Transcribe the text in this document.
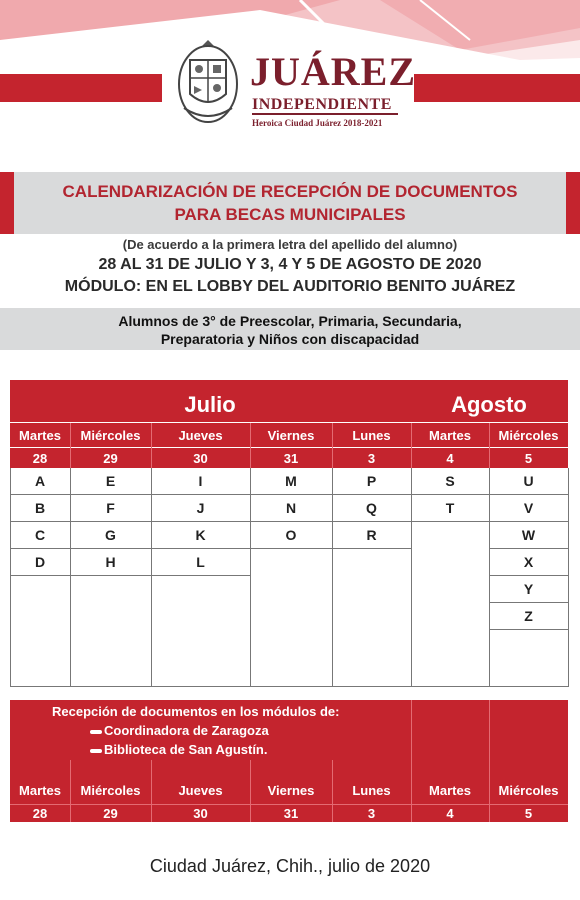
JUÁREZ
INDEPENDIENTE
Heroica Ciudad Juárez 2018-2021
CALENDARIZACIÓN DE RECEPCIÓN DE DOCUMENTOS
PARA BECAS MUNICIPALES
(De acuerdo a la primera letra del apellido del alumno)
28 AL 31 DE JULIO Y 3, 4 Y 5 DE AGOSTO DE 2020
MÓDULO: EN EL LOBBY DEL AUDITORIO BENITO JUÁREZ
Alumnos de 3° de Preescolar, Primaria, Secundaria,
Preparatoria y Niños con discapacidad
Julio	Agosto
Recepción de documentos en los módulos de:
Coordinadora de Zaragoza
Biblioteca de San Agustín.
Ciudad Juárez, Chih., julio de 2020
Martes
28
A
B
C
D
Miércoles
29
E
F
G
H
Jueves
30
I
J
K
L
Viernes
31
M
N
O
Lunes
3
P
Q
R
Martes
4
S
T
Miércoles
5
U
V
W
X
Y
Z
Martes
28
Miércoles
29
Jueves
30
Viernes
31
Lunes
3
Martes
4
Miércoles
5
